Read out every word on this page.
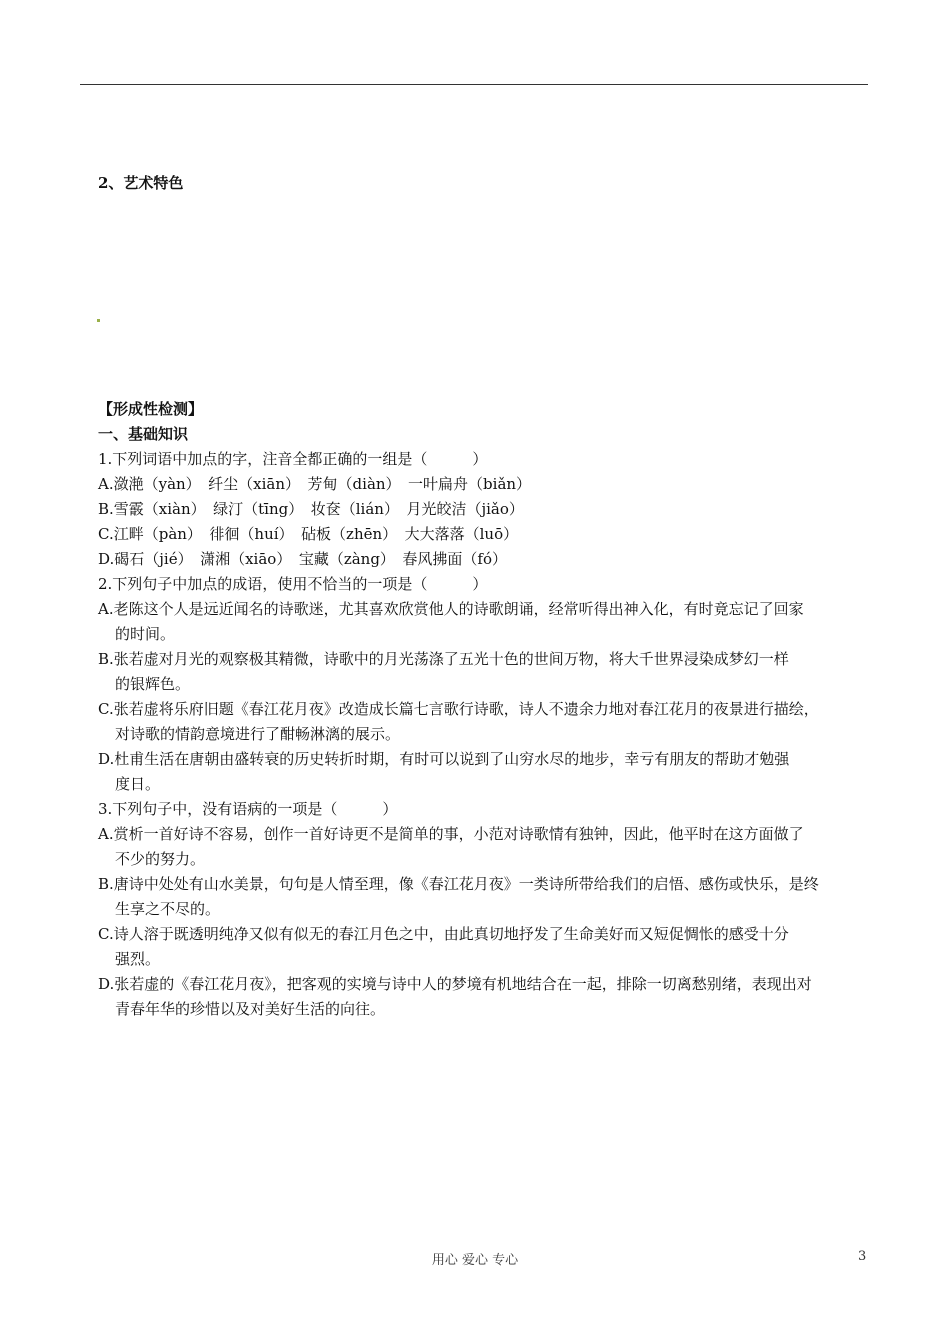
2、艺术特色
【形成性检测】
一、基础知识
1.下列词语中加点的字，注音全都正确的一组是（　　　）
A.潋滟（yàn）　纤尘（xiān）　芳甸（diàn）　一叶扁舟（biǎn）
B.雪霰（xiàn）　绿汀（tīng）　妆奁（lián）　月光皎洁（jiǎo）
C.江畔（pàn）　徘徊（huí）　砧板（zhēn）　大大落落（luō）
D.碣石（jié）　潇湘（xiāo）　宝藏（zàng）　春风拂面（fó）
2.下列句子中加点的成语，使用不恰当的一项是（　　　）
A.老陈这个人是远近闻名的诗歌迷，尤其喜欢欣赏他人的诗歌朗诵，经常听得出神入化，有时竟忘记了回家
的时间。
B.张若虚对月光的观察极其精微，诗歌中的月光荡涤了五光十色的世间万物，将大千世界浸染成梦幻一样
的银辉色。
C.张若虚将乐府旧题《春江花月夜》改造成长篇七言歌行诗歌，诗人不遗余力地对春江花月的夜景进行描绘，
对诗歌的情韵意境进行了酣畅淋漓的展示。
D.杜甫生活在唐朝由盛转衰的历史转折时期，有时可以说到了山穷水尽的地步，幸亏有朋友的帮助才勉强
度日。
3.下列句子中，没有语病的一项是（　　　）
A.赏析一首好诗不容易，创作一首好诗更不是简单的事，小范对诗歌情有独钟，因此，他平时在这方面做了
不少的努力。
B.唐诗中处处有山水美景，句句是人情至理，像《春江花月夜》一类诗所带给我们的启悟、感伤或快乐，是终
生享之不尽的。
C.诗人溶于既透明纯净又似有似无的春江月色之中，由此真切地抒发了生命美好而又短促惆怅的感受十分
强烈。
D.张若虚的《春江花月夜》，把客观的实境与诗中人的梦境有机地结合在一起，排除一切离愁别绪，表现出对
青春年华的珍惜以及对美好生活的向往。
用心 爱心 专心	3
